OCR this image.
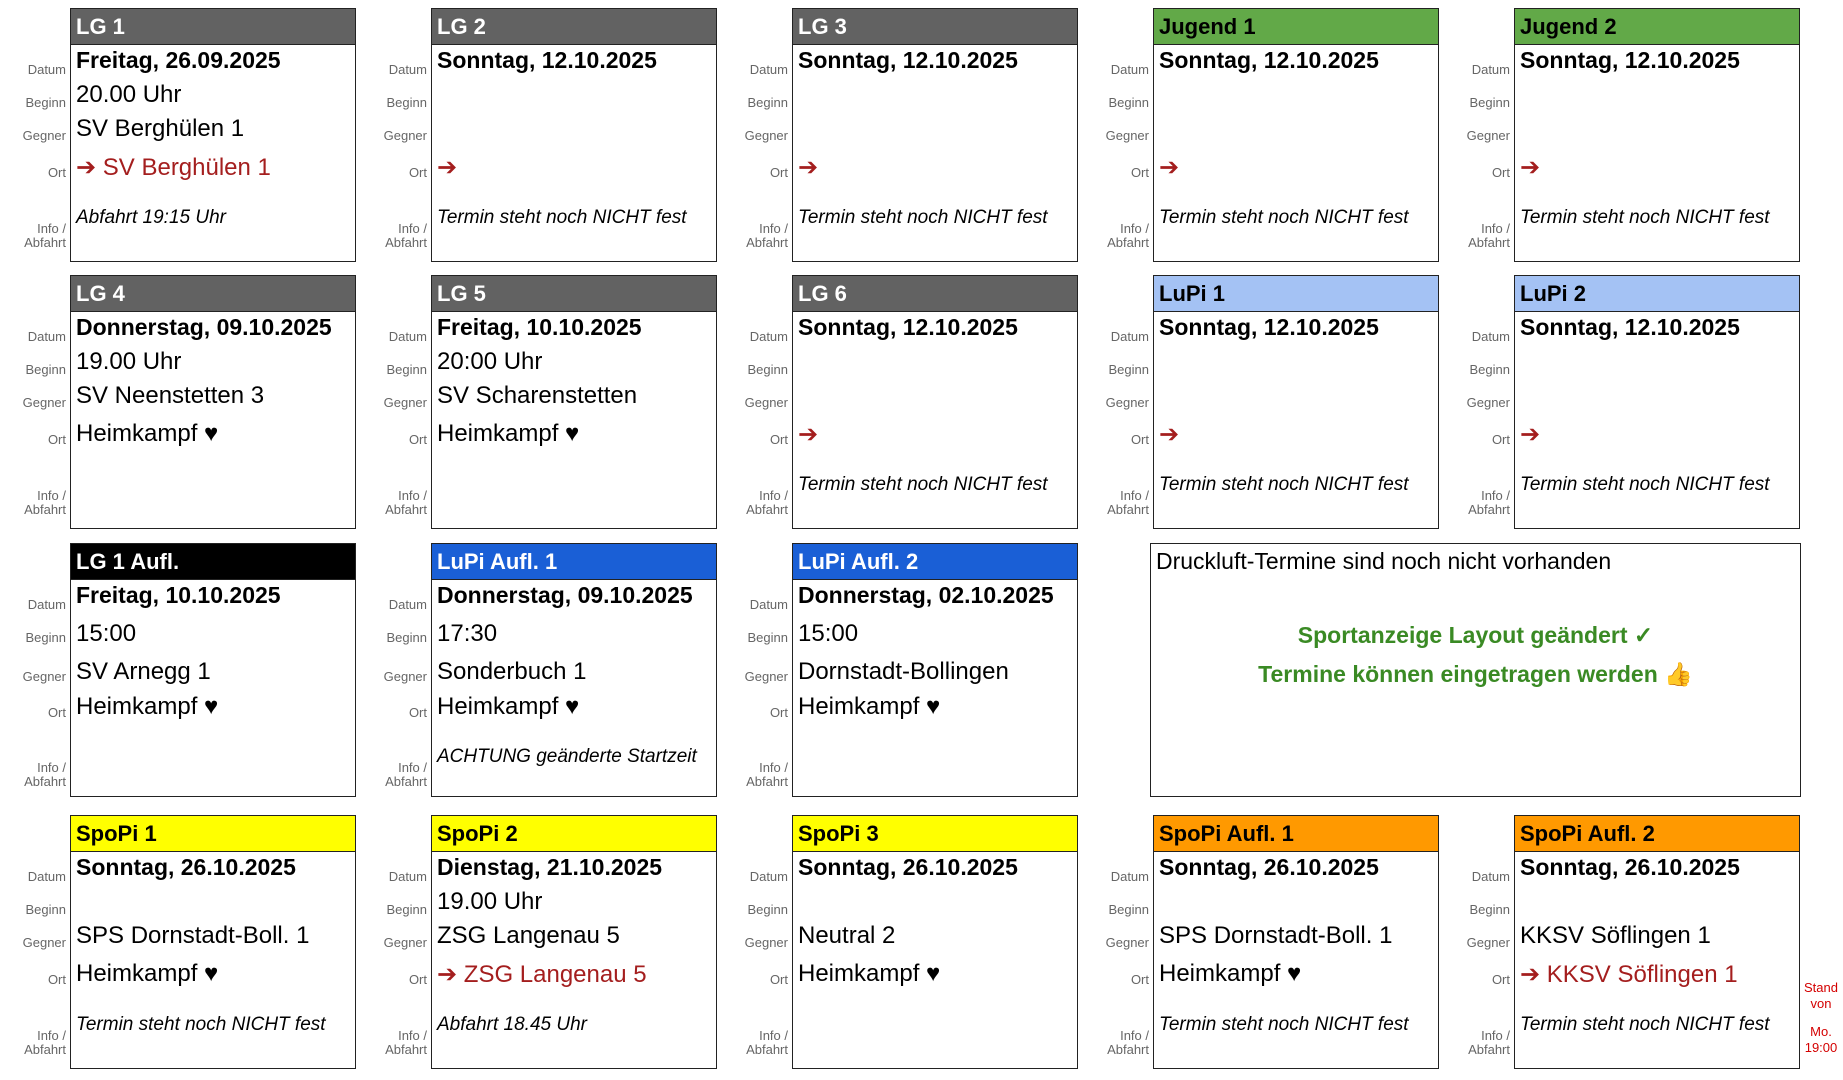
Datum
Beginn
Gegner
Ort
Info /
Abfahrt
LG 1
Freitag, 26.09.2025
20.00 Uhr
SV Berghülen 1
➔ SV Berghülen 1
Abfahrt 19:15 Uhr
Datum
Beginn
Gegner
Ort
Info /
Abfahrt
LG 2
Sonntag, 12.10.2025
➔
Termin steht noch NICHT fest
Datum
Beginn
Gegner
Ort
Info /
Abfahrt
LG 3
Sonntag, 12.10.2025
➔
Termin steht noch NICHT fest
Datum
Beginn
Gegner
Ort
Info /
Abfahrt
Jugend 1
Sonntag, 12.10.2025
➔
Termin steht noch NICHT fest
Datum
Beginn
Gegner
Ort
Info /
Abfahrt
Jugend 2
Sonntag, 12.10.2025
➔
Termin steht noch NICHT fest
Datum
Beginn
Gegner
Ort
Info /
Abfahrt
LG 4
Donnerstag, 09.10.2025
19.00 Uhr
SV Neenstetten 3
Heimkampf ♥
Datum
Beginn
Gegner
Ort
Info /
Abfahrt
LG 5
Freitag, 10.10.2025
20:00 Uhr
SV Scharenstetten
Heimkampf ♥
Datum
Beginn
Gegner
Ort
Info /
Abfahrt
LG 6
Sonntag, 12.10.2025
➔
Termin steht noch NICHT fest
Datum
Beginn
Gegner
Ort
Info /
Abfahrt
LuPi 1
Sonntag, 12.10.2025
➔
Termin steht noch NICHT fest
Datum
Beginn
Gegner
Ort
Info /
Abfahrt
LuPi 2
Sonntag, 12.10.2025
➔
Termin steht noch NICHT fest
Datum
Beginn
Gegner
Ort
Info /
Abfahrt
LG 1 Aufl.
Freitag, 10.10.2025
15:00
SV Arnegg 1
Heimkampf ♥
Datum
Beginn
Gegner
Ort
Info /
Abfahrt
LuPi Aufl. 1
Donnerstag, 09.10.2025
17:30
Sonderbuch 1
Heimkampf ♥
ACHTUNG geänderte Startzeit
Datum
Beginn
Gegner
Ort
Info /
Abfahrt
LuPi Aufl. 2
Donnerstag, 02.10.2025
15:00
Dornstadt-Bollingen
Heimkampf ♥
Datum
Beginn
Gegner
Ort
Info /
Abfahrt
SpoPi 1
Sonntag, 26.10.2025
SPS Dornstadt-Boll. 1
Heimkampf ♥
Termin steht noch NICHT fest
Datum
Beginn
Gegner
Ort
Info /
Abfahrt
SpoPi 2
Dienstag, 21.10.2025
19.00 Uhr
ZSG Langenau 5
➔ ZSG Langenau 5
Abfahrt 18.45 Uhr
Datum
Beginn
Gegner
Ort
Info /
Abfahrt
SpoPi 3
Sonntag, 26.10.2025
Neutral 2
Heimkampf ♥
Datum
Beginn
Gegner
Ort
Info /
Abfahrt
SpoPi Aufl. 1
Sonntag, 26.10.2025
SPS Dornstadt-Boll. 1
Heimkampf ♥
Termin steht noch NICHT fest
Datum
Beginn
Gegner
Ort
Info /
Abfahrt
SpoPi Aufl. 2
Sonntag, 26.10.2025
KKSV Söflingen 1
➔ KKSV Söflingen 1
Termin steht noch NICHT fest
Druckluft-Termine sind noch nicht vorhanden
Sportanzeige Layout geändert ✓
Termine können eingetragen werden 👍
Stand
von
Mo.
19:00
